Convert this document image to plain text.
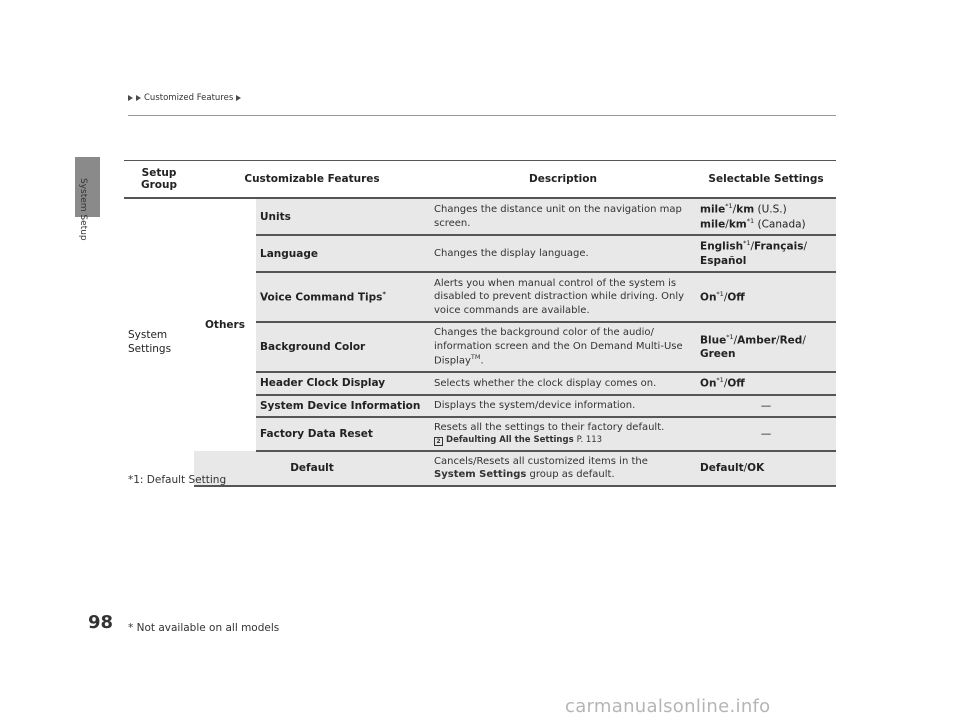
System Setup
98
Customized Features
Setup
Group	Customizable Features		Description	Selectable Settings
System
Settings	Others	Units	Changes the distance unit on the navigation map screen.	mile$^{*1}$/km (U.S.)
mile/$km^{*1}$ (Canada)
		Language	Changes the display language.	English$^{*1}$/Français/
Español
		Voice Command Tips*	Alerts you when manual control of the system is disabled to prevent distraction while driving. Only voice commands are available.	On$^{*1}$/Off
		Background Color	Changes the background color of the audio/ information screen and the On Demand Multi-Use Display™.	Blue$^{*1}$/Amber/Red/
Green
		Header Clock Display	Selects whether the clock display comes on.	On$^{*1}$/Off
		System Device Information	Displays the system/device information.	—
		Factory Data Reset	Resets all the settings to their factory default.
2 Defaulting All the Settings P. 113	—
	Default		Cancels/Resets all customized items in the System Settings group as default.	Default/OK
*1: Default Setting
* Not available on all models
carmanualsonline.info
